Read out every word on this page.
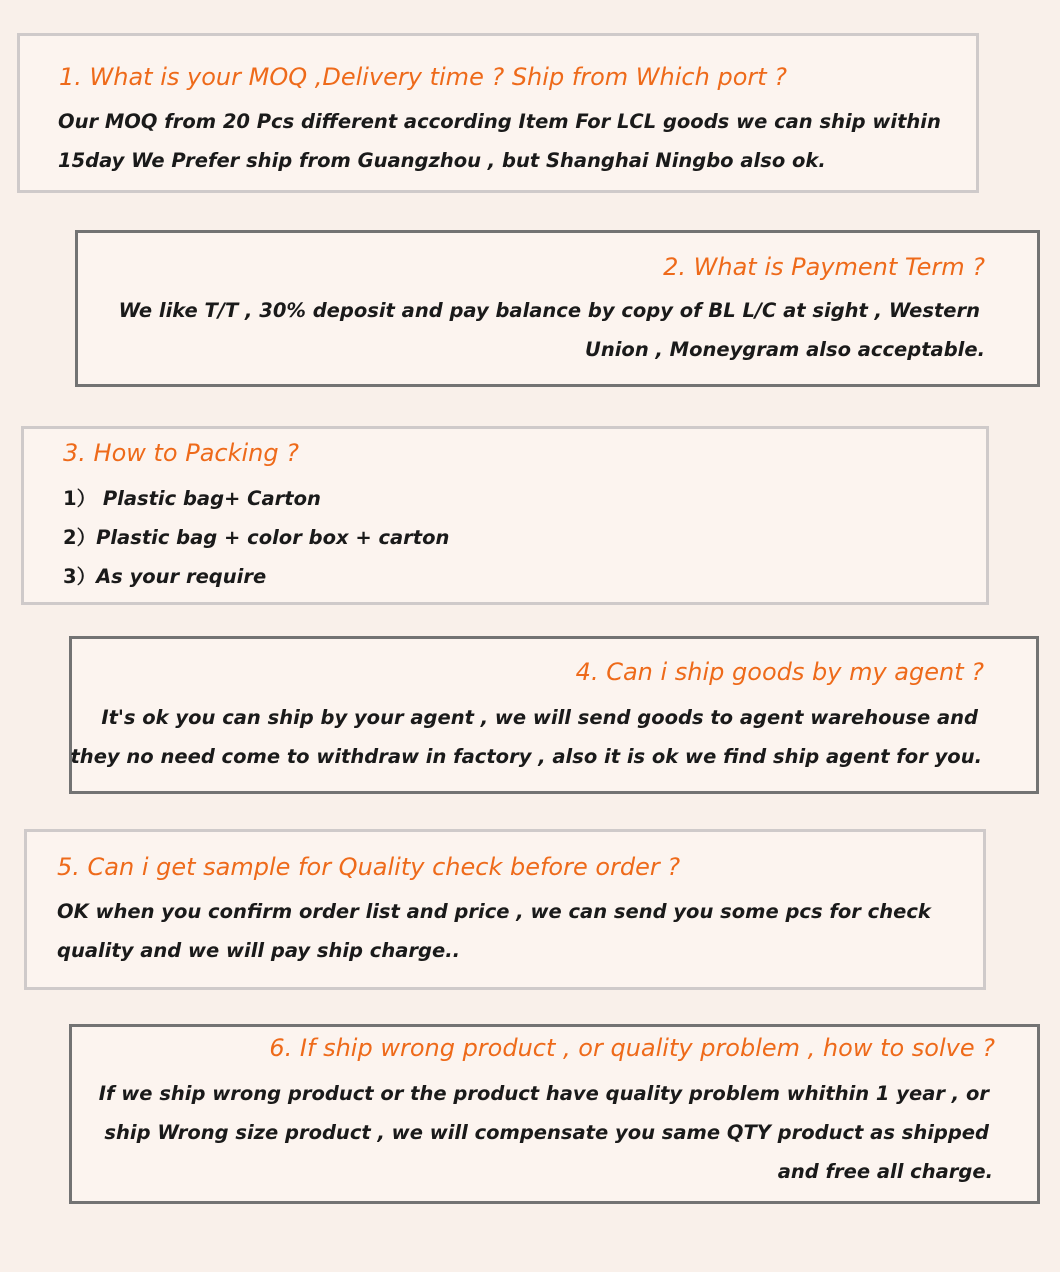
1. What is your MOQ ,Delivery time ? Ship from Which port ?

Our MOQ from 20 Pcs different according Item For LCL goods we can ship within

15day We Prefer ship from Guangzhou , but Shanghai Ningbo also ok.

2. What is Payment Term ?

We like T/T , 30% deposit and pay balance by copy of BL L/C at sight , Western

Union , Moneygram also acceptable.

3. How to Packing ?

1） Plastic bag+ Carton

2）Plastic bag + color box + carton

3）As your require

4. Can i ship goods by my agent ?

It's ok you can ship by your agent , we will send goods to agent warehouse and

they no need come to withdraw in factory , also it is ok we find ship agent for you.

5. Can i get sample for Quality check before order ?

OK when you confirm order list and price , we can send you some pcs for check

quality and we will pay ship charge..

6. If ship wrong product , or quality problem , how to solve ?

If we ship wrong product or the product have quality problem whithin 1 year , or

ship Wrong size product , we will compensate you same QTY product as shipped

and free all charge.
